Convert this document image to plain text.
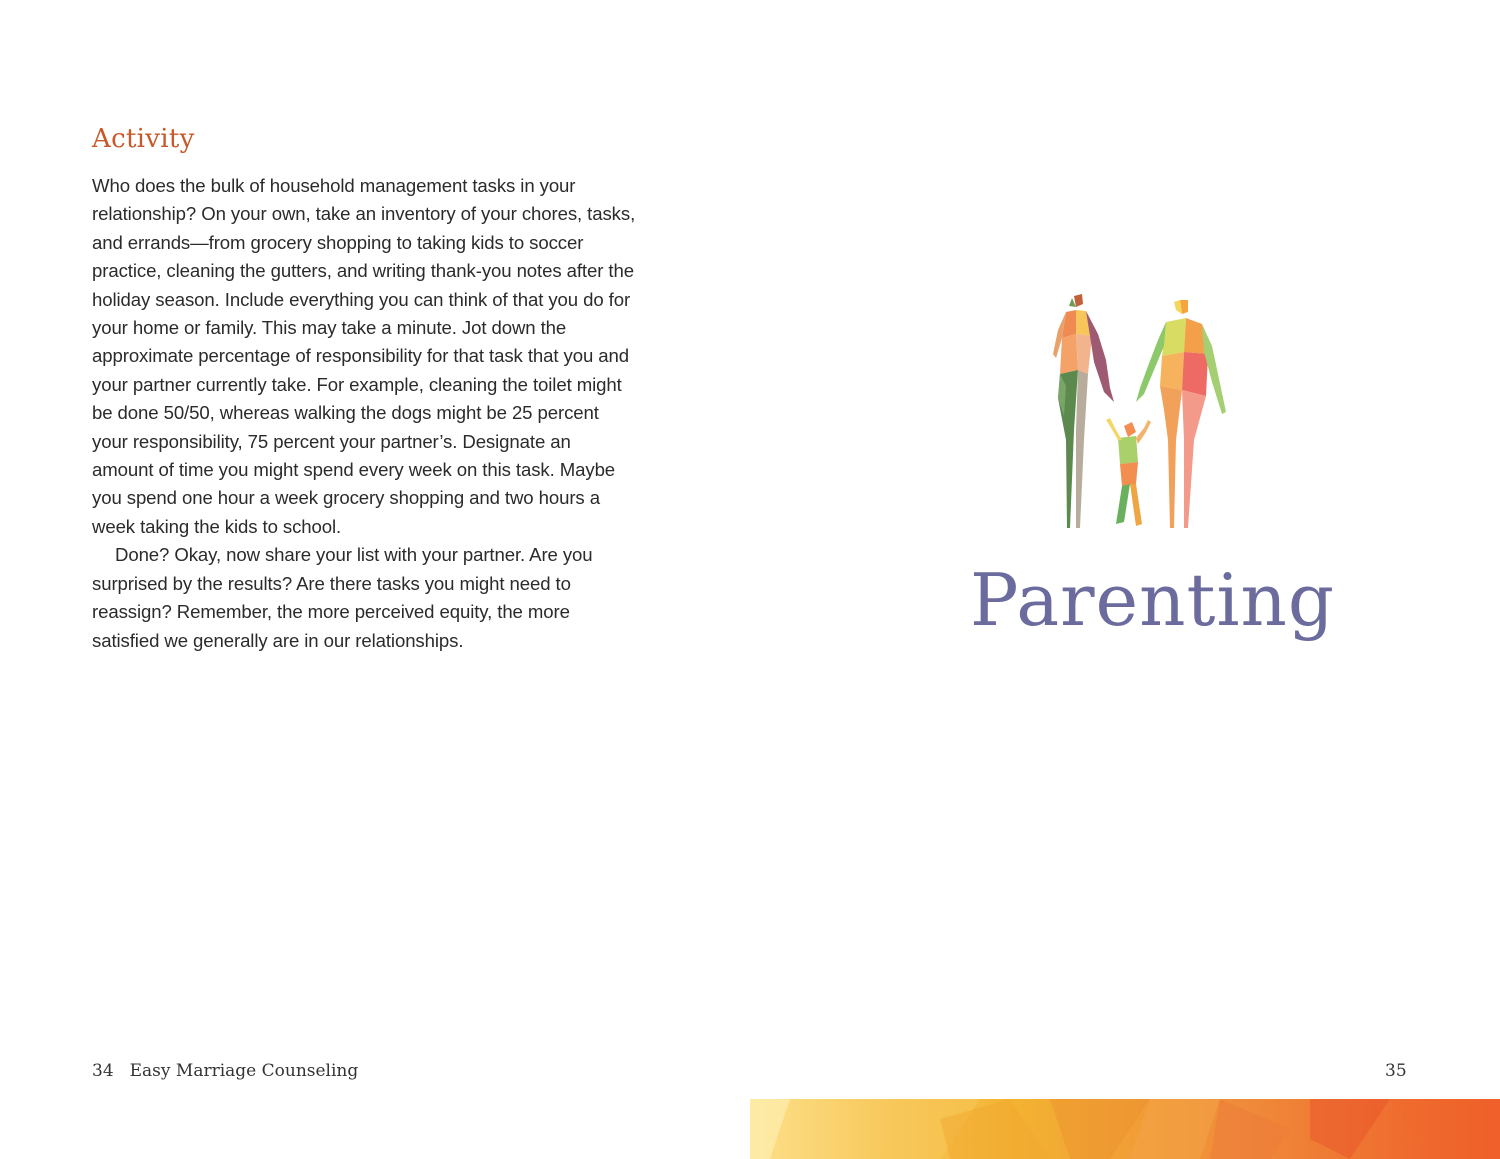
Activity

Who does the bulk of household management tasks in your relationship? On your own, take an inventory of your chores, tasks, and errands—from grocery shopping to taking kids to soccer practice, cleaning the gutters, and writing thank-you notes after the holiday season. Include everything you can think of that you do for your home or family. This may take a minute. Jot down the approximate percentage of responsibility for that task that you and your partner currently take. For example, cleaning the toilet might be done 50/50, whereas walking the dogs might be 25 percent your responsibility, 75 percent your partner’s. Designate an amount of time you might spend every week on this task. Maybe you spend one hour a week grocery shopping and two hours a week taking the kids to school.

Done? Okay, now share your list with your partner. Are you surprised by the results? Are there tasks you might need to reassign? Remember, the more perceived equity, the more satisfied we generally are in our relationships.

34 Easy Marriage Counseling
Parenting
35
